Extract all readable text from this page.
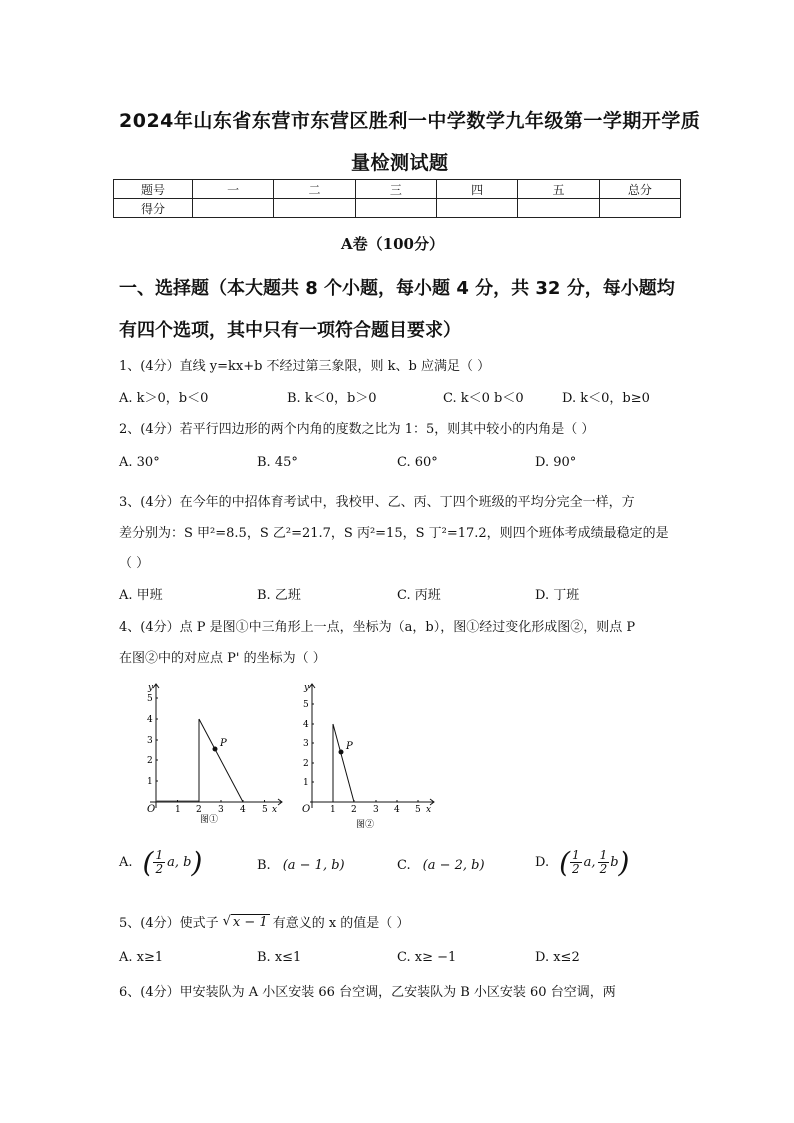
2024年山东省东营市东营区胜利一中学数学九年级第一学期开学质
量检测试题
题号	一	二	三	四	五	总分
得分						
A卷（100分）
一、选择题（本大题共 8 个小题，每小题 4 分，共 32 分，每小题均
有四个选项，其中只有一项符合题目要求）
1、(4分）直线 y=kx+b 不经过第三象限，则 k、b 应满足（ ）
A. k＞0，b＜0	B. k＜0，b＞0	C. k＜0 b＜0	D. k＜0，b≥0
2、(4分）若平行四边形的两个内角的度数之比为 1：5，则其中较小的内角是（ ）
A. 30°	B. 45°	C. 60°	D. 90°
3、(4分）在今年的中招体育考试中，我校甲、乙、丙、丁四个班级的平均分完全一样，方
差分别为：S 甲²=8.5，S 乙²=21.7，S 丙²=15，S 丁²=17.2，则四个班体考成绩最稳定的是
（ ）
A. 甲班	B. 乙班	C. 丙班	D. 丁班
4、(4分）点 P 是图①中三角形上一点，坐标为（a，b），图①经过变化形成图②，则点 P
在图②中的对应点 P' 的坐标为（ ）
P
O	x
y
1 2 3 4 5
1
2
3
4
5
图①
P
O	x
y
1 2 3 4 5
1
2
3
4
5
图②
A. ( $\frac{1}{2} a$, b )	B. (a − 1, b)	C. (a − 2, b)	D. ( $\frac{1}{2} a$, $\frac{1}{2}$ b )
5、(4分）使式子 √ x − 1 有意义的 x 的值是（ ）
A. x≥1	B. x≤1	C. x≥ −1	D. x≤2
6、(4分）甲安装队为 A 小区安装 66 台空调，乙安装队为 B 小区安装 60 台空调，两
